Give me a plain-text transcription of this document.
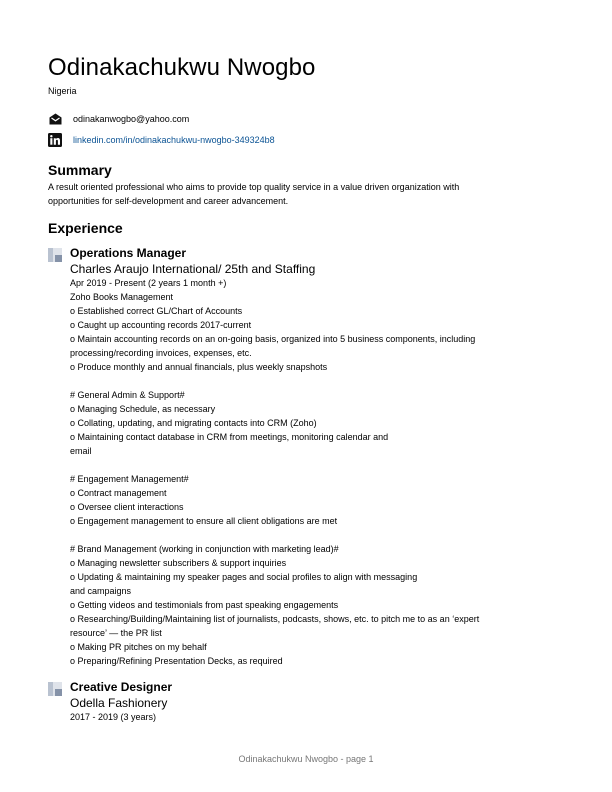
Odinakachukwu Nwogbo
Nigeria
odinakanwogbo@yahoo.com
linkedin.com/in/odinakachukwu-nwogbo-349324b8
Summary
A result oriented professional who aims to provide top quality service in a value driven organization with
opportunities for self-development and career advancement.
Experience
Operations Manager
Charles Araujo International/ 25th and Staffing
Apr 2019 - Present (2 years 1 month +)
Zoho Books Management
o Established correct GL/Chart of Accounts
o Caught up accounting records 2017-current
o Maintain accounting records on an on-going basis, organized into 5 business components, including
processing/recording invoices, expenses, etc.
o Produce monthly and annual financials, plus weekly snapshots
# General Admin & Support#
o Managing Schedule, as necessary
o Collating, updating, and migrating contacts into CRM (Zoho)
o Maintaining contact database in CRM from meetings, monitoring calendar and
email
# Engagement Management#
o Contract management
o Oversee client interactions
o Engagement management to ensure all client obligations are met
# Brand Management (working in conjunction with marketing lead)#
o Managing newsletter subscribers & support inquiries
o Updating & maintaining my speaker pages and social profiles to align with messaging
and campaigns
o Getting videos and testimonials from past speaking engagements
o Researching/Building/Maintaining list of journalists, podcasts, shows, etc. to pitch me to as an ‘expert
resource’ — the PR list
o Making PR pitches on my behalf
o Preparing/Refining Presentation Decks, as required
Creative Designer
Odella Fashionery
2017 - 2019 (3 years)
Odinakachukwu Nwogbo - page 1
